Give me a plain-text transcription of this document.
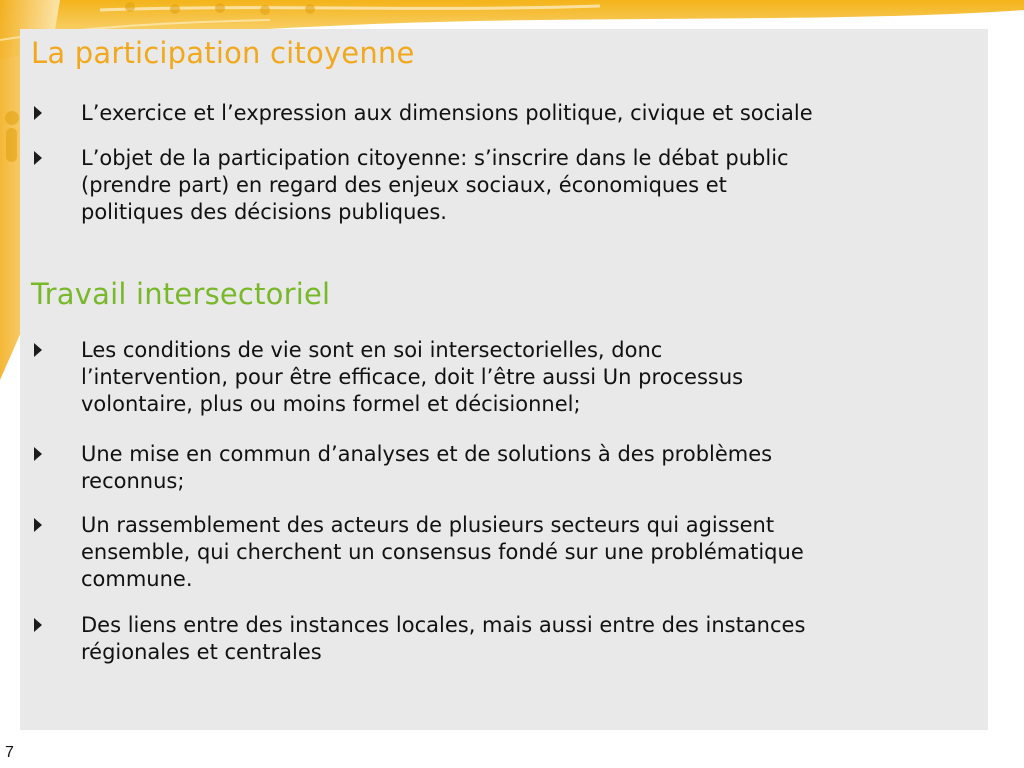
La participation citoyenne

L’exercice et l’expression aux dimensions politique, civique et sociale

L’objet de la participation citoyenne: s’inscrire dans le débat public
(prendre part) en regard des enjeux sociaux, économiques et
politiques des décisions publiques.

Travail intersectoriel

Les conditions de vie sont en soi intersectorielles, donc
l’intervention, pour être efficace, doit l’être aussi Un processus
volontaire, plus ou moins formel et décisionnel;

Une mise en commun d’analyses et de solutions à des problèmes
reconnus;

Un rassemblement des acteurs de plusieurs secteurs qui agissent
ensemble, qui cherchent un consensus fondé sur une problématique
commune.

Des liens entre des instances locales, mais aussi entre des instances
régionales et centrales

7
